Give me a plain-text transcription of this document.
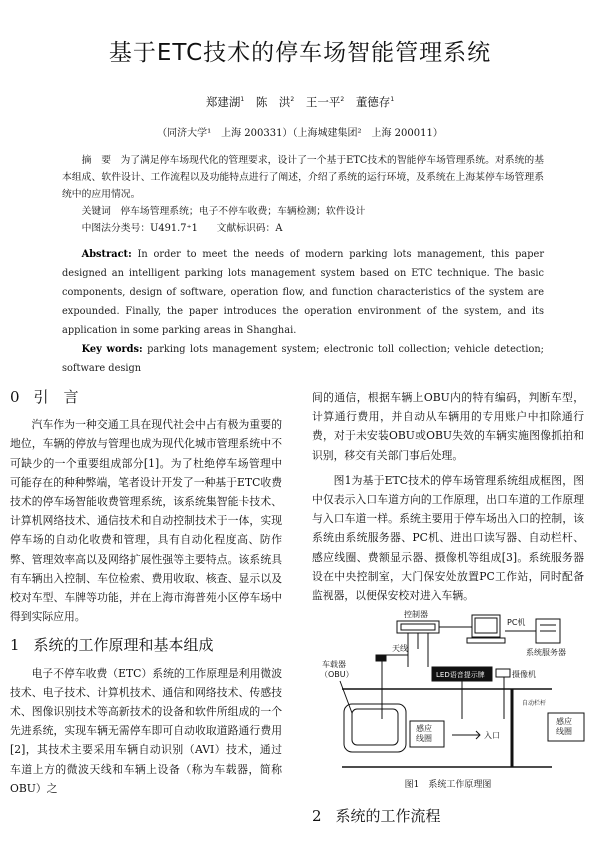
基于ETC技术的停车场智能管理系统
郑建湖$^1$ 陈　洪$^2$ 王一平$^2$ 董德存$^1$
（同济大学¹　上海 200331）（上海城建集团²　上海 200011）
摘　要 为了满足停车场现代化的管理要求，设计了一个基于ETC技术的智能停车场管理系统。对系统的基本组成、软件设计、工作流程以及功能特点进行了阐述，介绍了系统的运行环境，及系统在上海某停车场管理系统中的应用情况。
关键词 停车场管理系统；电子不停车收费；车辆检测；软件设计
中图法分类号：U491.7⁺1 文献标识码：A
Abstract: In order to meet the needs of modern parking lots management, this paper designed an intelligent parking lots management system based on ETC technique. The basic components, design of software, operation flow, and function characteristics of the system are expounded. Finally, the paper introduces the operation environment of the system, and its application in some parking areas in Shanghai.
Key words: parking lots management system; electronic toll collection; vehicle detection; software design
0 引　言

汽车作为一种交通工具在现代社会中占有极为重要的地位，车辆的停放与管理也成为现代化城市管理系统中不可缺少的一个重要组成部分[1]。为了杜绝停车场管理中可能存在的种种弊端，笔者设计开发了一种基于ETC收费技术的停车场智能收费管理系统，该系统集智能卡技术、计算机网络技术、通信技术和自动控制技术于一体，实现停车场的自动化收费和管理，具有自动化程度高、防作弊、管理效率高以及网络扩展性强等主要特点。该系统具有车辆出入控制、车位检索、费用收取、核查、显示以及校对车型、车牌等功能，并在上海市海普苑小区停车场中得到实际应用。

1 系统的工作原理和基本组成

电子不停车收费（ETC）系统的工作原理是利用微波技术、电子技术、计算机技术、通信和网络技术、传感技术、图像识别技术等高新技术的设备和软件所组成的一个先进系统，实现车辆无需停车即可自动收取道路通行费用[2]，其技术主要采用车辆自动识别（AVI）技术，通过车道上方的微波天线和车辆上设备（称为车载器，简称OBU）之

间的通信，根据车辆上OBU内的特有编码，判断车型，计算通行费用，并自动从车辆用的专用账户中扣除通行费，对于未安装OBU或OBU失效的车辆实施图像抓拍和识别，移交有关部门事后处理。

图1为基于ETC技术的停车场管理系统组成框图，图中仅表示入口车道方向的工作原理，出口车道的工作原理与入口车道一样。系统主要用于停车场出入口的控制，该系统由系统服务器、PC机、进出口读写器、自动栏杆、感应线圈、费额显示器、摄像机等组成[3]。系统服务器设在中央控制室，大门保安处放置PC工作站，同时配备监视器，以便保安校对进入车辆。

控制器
PC机
系统服务器
天线
车载器
（OBU）	LED语音提示牌	摄像机
感应
线圈	入口
自动栏杆
感应
线圈
图1　系统工作原理图
2 系统的工作流程
